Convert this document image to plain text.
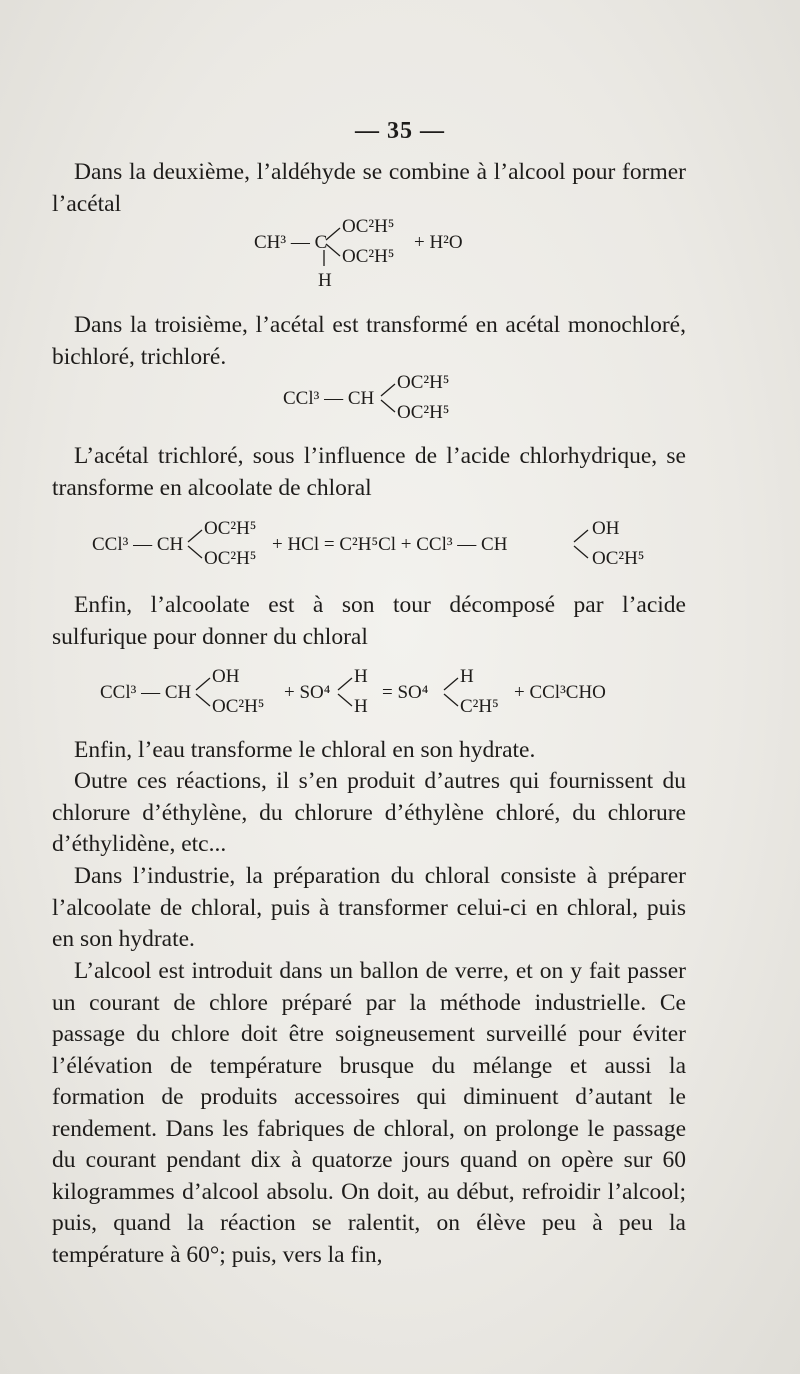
— 35 —

Dans la deuxième, l’aldéhyde se combine à l’alcool pour former l’acétal

CH³ — C
OC²H⁵
OC²H⁵
H
+ H²O

Dans la troisième, l’acétal est transformé en acétal monochloré, bichloré, trichloré.

CCl³ — CH
OC²H⁵
OC²H⁵

L’acétal trichloré, sous l’influence de l’acide chlorhydrique, se transforme en alcoolate de chloral

CCl³ — CH
OC²H⁵
OC²H⁵
+ HCl = C²H⁵Cl + CCl³ — CH
OH
OC²H⁵

Enfin, l’alcoolate est à son tour décomposé par l’acide sulfurique pour donner du chloral

CCl³ — CH
OH
OC²H⁵
+ SO⁴
H
H
= SO⁴
H
C²H⁵
+ CCl³CHO

Enfin, l’eau transforme le chloral en son hydrate.

Outre ces réactions, il s’en produit d’autres qui fournissent du chlorure d’éthylène, du chlorure d’éthylène chloré, du chlorure d’éthylidène, etc...

Dans l’industrie, la préparation du chloral consiste à préparer l’alcoolate de chloral, puis à transformer celui-ci en chloral, puis en son hydrate.

L’alcool est introduit dans un ballon de verre, et on y fait passer un courant de chlore préparé par la méthode industrielle. Ce passage du chlore doit être soigneusement surveillé pour éviter l’élévation de température brusque du mélange et aussi la formation de produits accessoires qui diminuent d’autant le rendement. Dans les fabriques de chloral, on prolonge le passage du courant pendant dix à quatorze jours quand on opère sur 60 kilogrammes d’alcool absolu. On doit, au début, refroidir l’alcool; puis, quand la réaction se ralentit, on élève peu à peu la température à 60°; puis, vers la fin,
